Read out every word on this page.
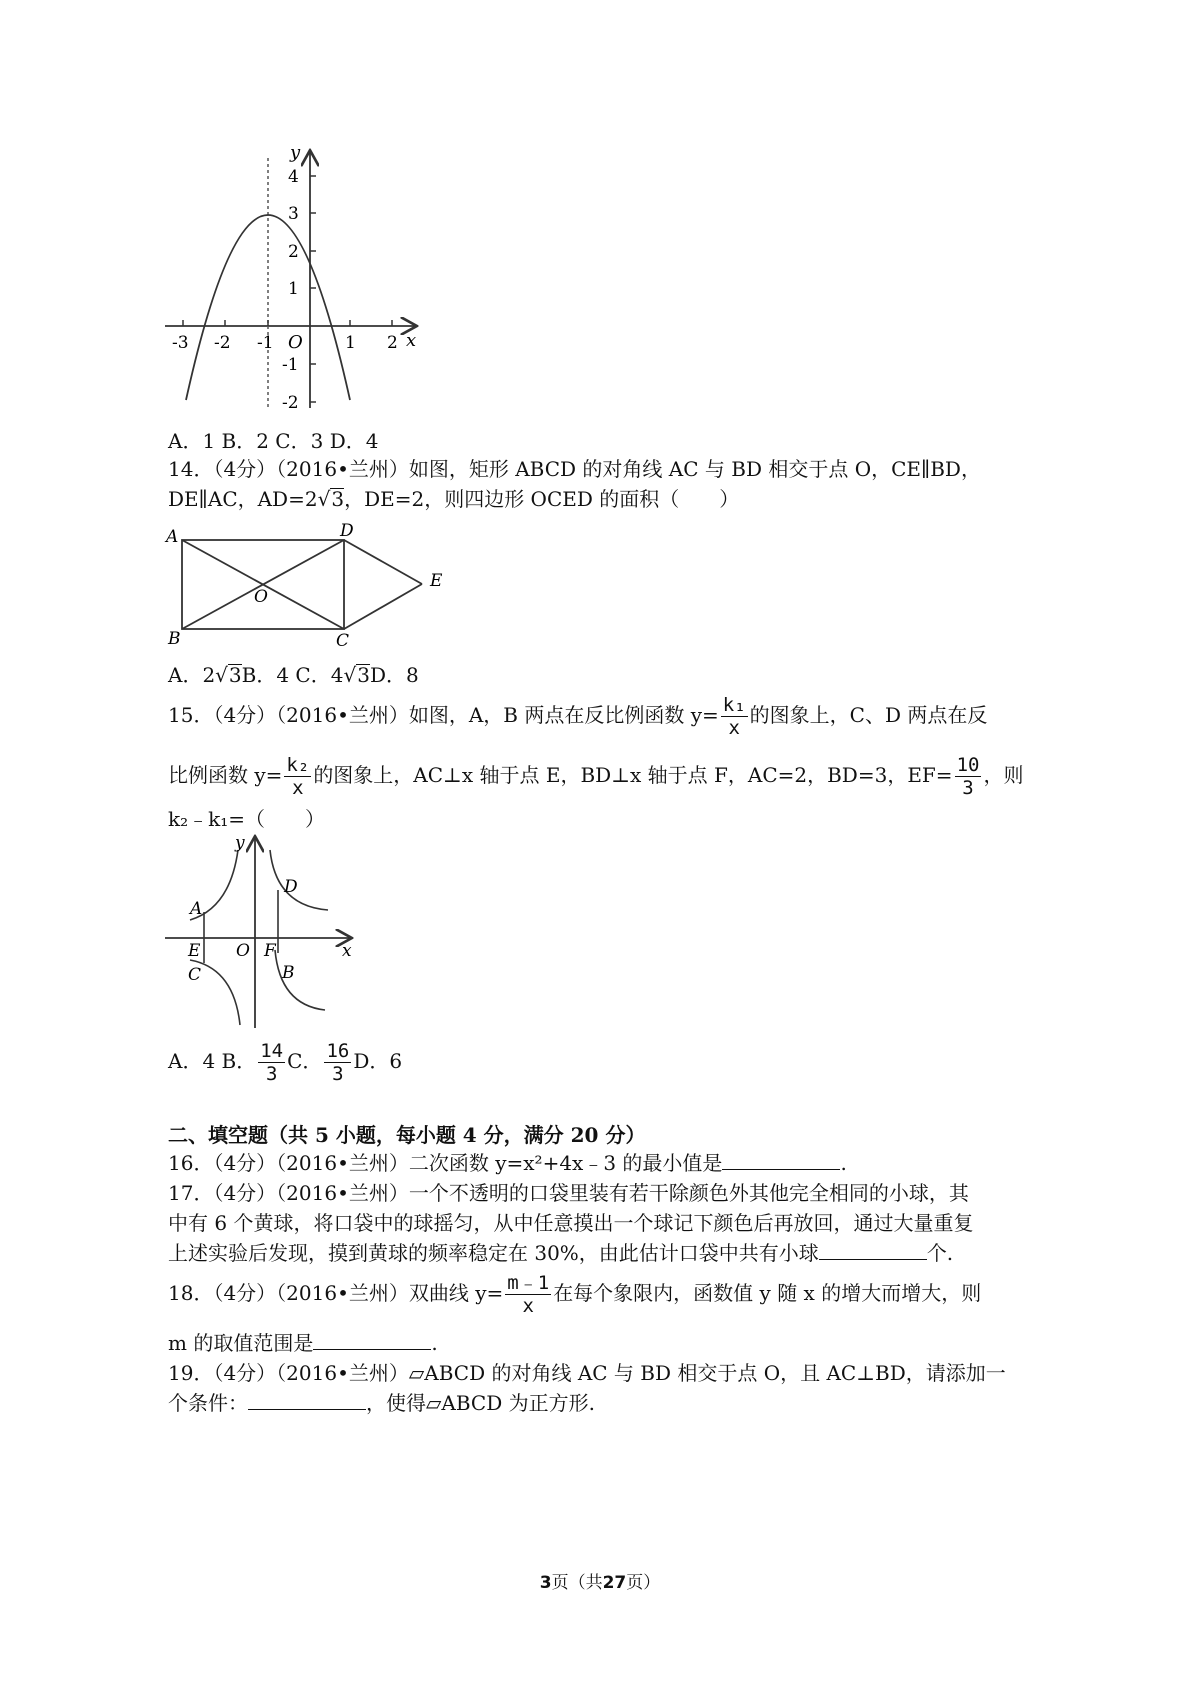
y
x
O
4
3
2
1
-1
-2
-3 -2 -1	1 2
A．1 B．2 C．3 D．4
14．（4分）（2016•兰州）如图，矩形 ABCD 的对角线 AC 与 BD 相交于点 O，CE∥BD，
DE∥AC，AD=2√3，DE=2，则四边形 OCED 的面积（　　）
A	D
E
O
B	C
A．2√3B．4 C．4√3D．8
15．（4分）（2016•兰州）如图，A，B 两点在反比例函数 $y= \frac{\text{k₁}}{x}$ 的图象上，C、D 两点在反
比例函数 $y= \frac{\text{k₂}}{x}$ 的图象上，AC⊥x 轴于点 E，BD⊥x 轴于点 F，AC=2，BD=3，$EF= \frac{10}{3}$ ，则
k₂﹣k₁=（　　）
y
x
A
D
E O F
C	B
A．4 B． $\frac{14}{3}$ C． $\frac{16}{3}$ D．6
二、填空题（共 5 小题，每小题 4 分，满分 20 分）
16．（4分）（2016•兰州）二次函数 y=x²+4x﹣3 的最小值是	.
17．（4分）（2016•兰州）一个不透明的口袋里装有若干除颜色外其他完全相同的小球，其
中有 6 个黄球，将口袋中的球摇匀，从中任意摸出一个球记下颜色后再放回，通过大量重复
上述实验后发现，摸到黄球的频率稳定在 30%，由此估计口袋中共有小球	个.
18．（4分）（2016•兰州）双曲线 $y= \frac{m﹣1}{x}$ 在每个象限内，函数值 y 随 x 的增大而增大，则
m 的取值范围是	.
19．（4分）（2016•兰州）▱ABCD 的对角线 AC 与 BD 相交于点 O，且 AC⊥BD，请添加一
个条件：	，使得▱ABCD 为正方形.
3页（共27页）
